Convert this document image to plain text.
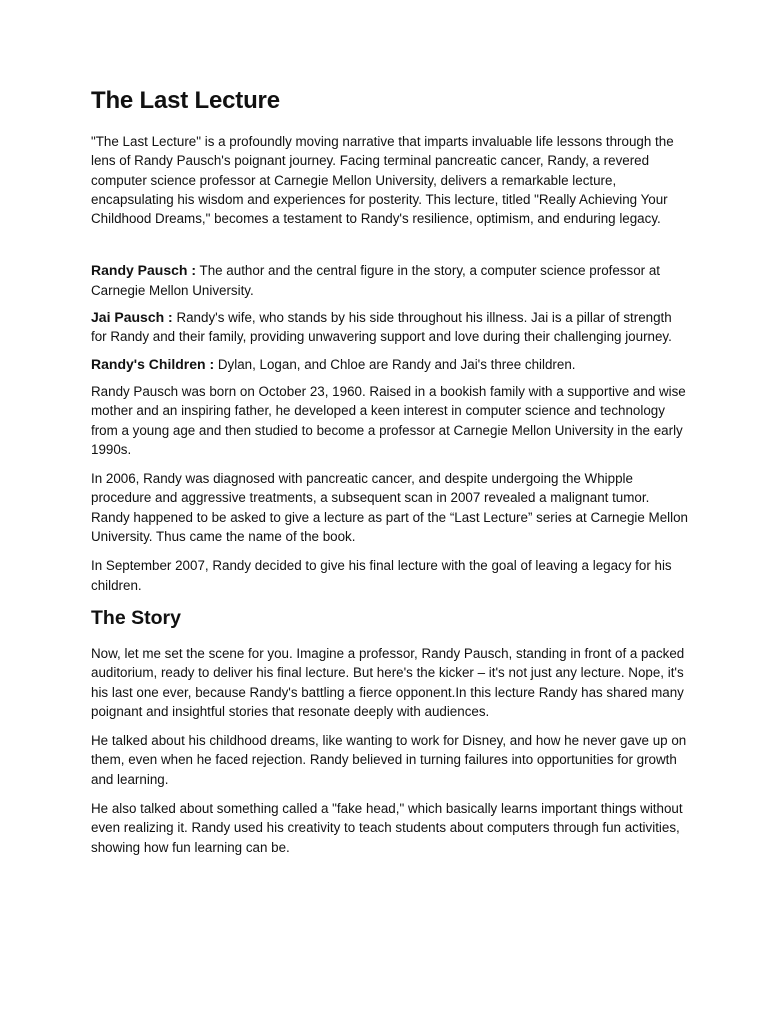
The Last Lecture

"The Last Lecture" is a profoundly moving narrative that imparts invaluable life lessons through the lens of Randy Pausch's poignant journey. Facing terminal pancreatic cancer, Randy, a revered computer science professor at Carnegie Mellon University, delivers a remarkable lecture, encapsulating his wisdom and experiences for posterity. This lecture, titled "Really Achieving Your Childhood Dreams," becomes a testament to Randy's resilience, optimism, and enduring legacy.

Randy Pausch : The author and the central figure in the story, a computer science professor at Carnegie Mellon University.

Jai Pausch : Randy's wife, who stands by his side throughout his illness. Jai is a pillar of strength for Randy and their family, providing unwavering support and love during their challenging journey.

Randy's Children : Dylan, Logan, and Chloe are Randy and Jai's three children.

Randy Pausch was born on October 23, 1960. Raised in a bookish family with a supportive and wise mother and an inspiring father, he developed a keen interest in computer science and technology from a young age and then studied to become a professor at Carnegie Mellon University in the early 1990s.

In 2006, Randy was diagnosed with pancreatic cancer, and despite undergoing the Whipple procedure and aggressive treatments, a subsequent scan in 2007 revealed a malignant tumor. Randy happened to be asked to give a lecture as part of the “Last Lecture” series at Carnegie Mellon University. Thus came the name of the book.

In September 2007, Randy decided to give his final lecture with the goal of leaving a legacy for his children.

The Story

Now, let me set the scene for you. Imagine a professor, Randy Pausch, standing in front of a packed auditorium, ready to deliver his final lecture. But here's the kicker – it's not just any lecture. Nope, it's his last one ever, because Randy's battling a fierce opponent.In this lecture Randy has shared many poignant and insightful stories that resonate deeply with audiences.

He talked about his childhood dreams, like wanting to work for Disney, and how he never gave up on them, even when he faced rejection. Randy believed in turning failures into opportunities for growth and learning.

He also talked about something called a "fake head," which basically learns important things without even realizing it. Randy used his creativity to teach students about computers through fun activities, showing how fun learning can be.
